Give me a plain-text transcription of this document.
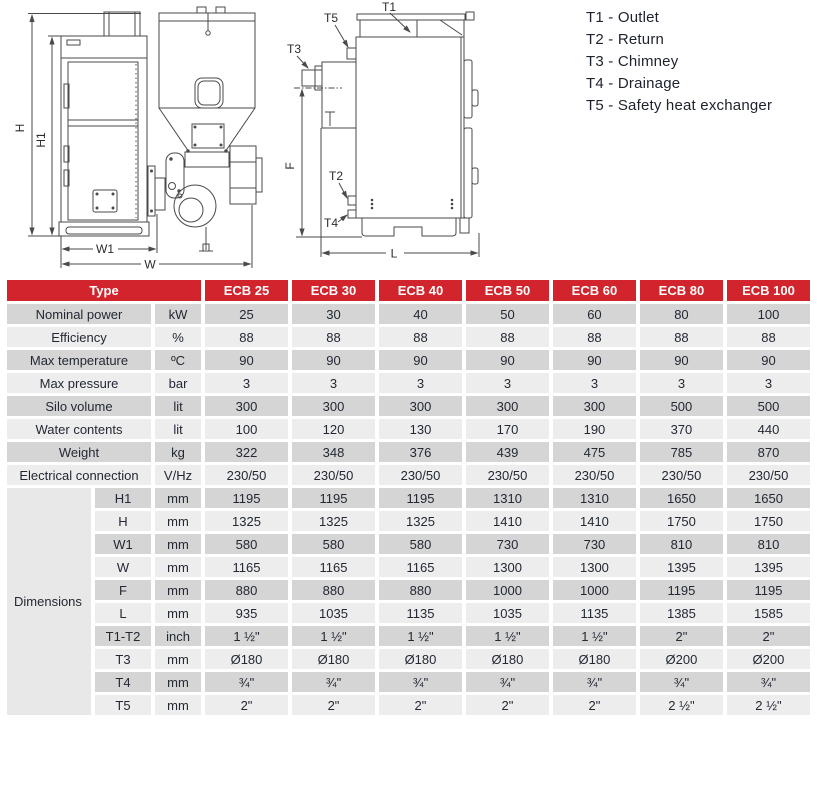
H
H1
W1
W
T1
T5
T3
T2
T4
F
L
T1 - Outlet
T2 - Return
T3 - Chimney
T4 - Drainage
T5 - Safety heat exchanger
Type			ECB 25	ECB 30	ECB 40	ECB 50	ECB 60	ECB 80	ECB 100
Nominal power		kW	25	30	40	50	60	80	100
Efficiency		%	88	88	88	88	88	88	88
Max temperature		ºC	90	90	90	90	90	90	90
Max pressure		bar	3	3	3	3	3	3	3
Silo volume		lit	300	300	300	300	300	500	500
Water contents		lit	100	120	130	170	190	370	440
Weight		kg	322	348	376	439	475	785	870
Electrical connection		V/Hz	230/50	230/50	230/50	230/50	230/50	230/50	230/50
Dimensions	H1	mm	1195	1195	1195	1310	1310	1650	1650
	H	mm	1325	1325	1325	1410	1410	1750	1750
	W1	mm	580	580	580	730	730	810	810
	W	mm	1165	1165	1165	1300	1300	1395	1395
	F	mm	880	880	880	1000	1000	1195	1195
	L	mm	935	1035	1135	1035	1135	1385	1585
	T1-T2	inch	1 ½"	1 ½"	1 ½"	1 ½"	1 ½"	2"	2"
	T3	mm	Ø180	Ø180	Ø180	Ø180	Ø180	Ø200	Ø200
	T4	mm	¾"	¾"	¾"	¾"	¾"	¾"	¾"
	T5	mm	2"	2"	2"	2"	2"	2 ½"	2 ½"
